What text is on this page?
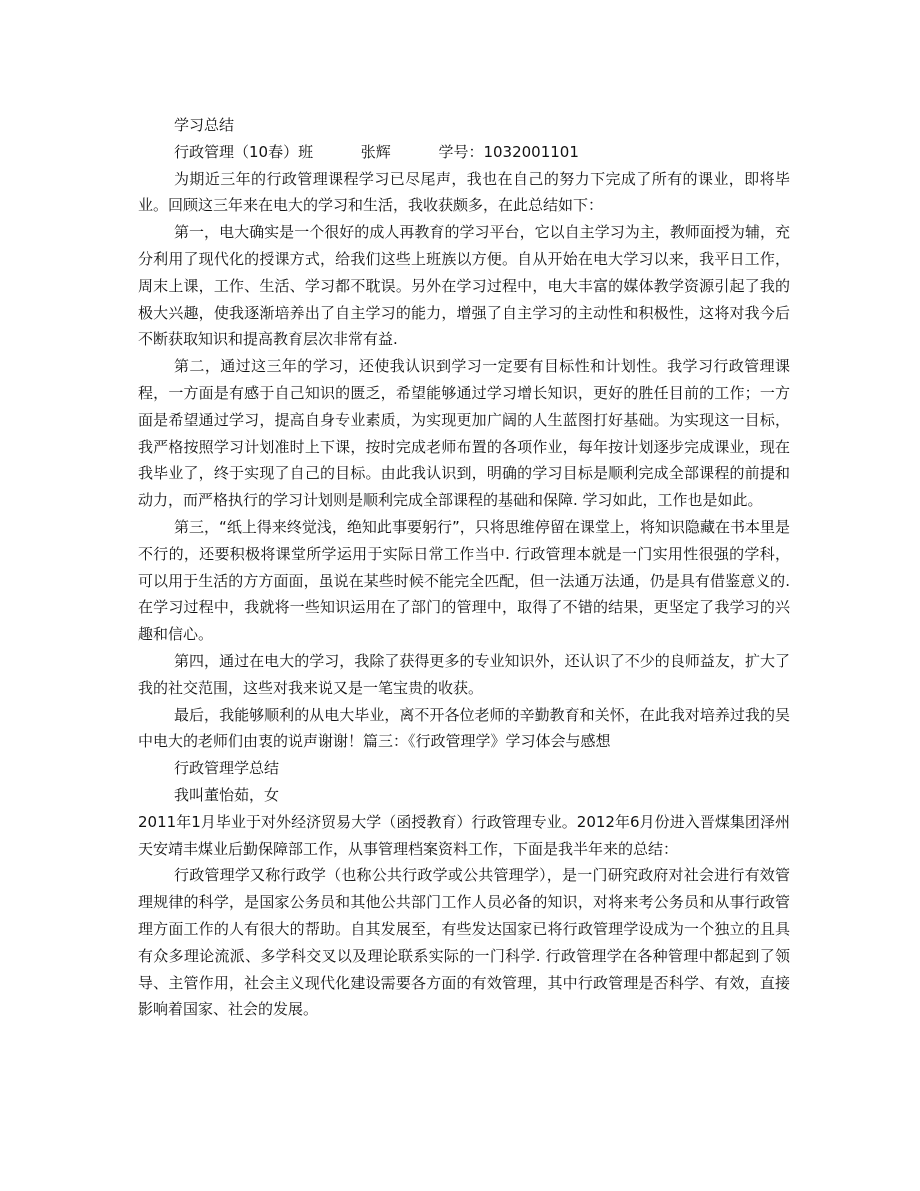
学习总结

行政管理（10春）班          张辉          学号：1032001101

为期近三年的行政管理课程学习已尽尾声，我也在自己的努力下完成了所有的课业，即将毕业。回顾这三年来在电大的学习和生活，我收获颇多，在此总结如下：

第一，电大确实是一个很好的成人再教育的学习平台，它以自主学习为主，教师面授为辅，充分利用了现代化的授课方式，给我们这些上班族以方便。自从开始在电大学习以来，我平日工作，周末上课，工作、生活、学习都不耽误。另外在学习过程中，电大丰富的媒体教学资源引起了我的极大兴趣，使我逐渐培养出了自主学习的能力，增强了自主学习的主动性和积极性，这将对我今后不断获取知识和提高教育层次非常有益.

第二，通过这三年的学习，还使我认识到学习一定要有目标性和计划性。我学习行政管理课程，一方面是有感于自己知识的匮乏，希望能够通过学习增长知识，更好的胜任目前的工作；一方面是希望通过学习，提高自身专业素质，为实现更加广阔的人生蓝图打好基础。为实现这一目标，我严格按照学习计划准时上下课，按时完成老师布置的各项作业，每年按计划逐步完成课业，现在我毕业了，终于实现了自己的目标。由此我认识到，明确的学习目标是顺利完成全部课程的前提和动力，而严格执行的学习计划则是顺利完成全部课程的基础和保障. 学习如此，工作也是如此。

第三，“纸上得来终觉浅，绝知此事要躬行”，只将思维停留在课堂上，将知识隐藏在书本里是不行的，还要积极将课堂所学运用于实际日常工作当中. 行政管理本就是一门实用性很强的学科，可以用于生活的方方面面，虽说在某些时候不能完全匹配，但一法通万法通，仍是具有借鉴意义的. 在学习过程中，我就将一些知识运用在了部门的管理中，取得了不错的结果，更坚定了我学习的兴趣和信心。

第四，通过在电大的学习，我除了获得更多的专业知识外，还认识了不少的良师益友，扩大了我的社交范围，这些对我来说又是一笔宝贵的收获。

最后，我能够顺利的从电大毕业，离不开各位老师的辛勤教育和关怀，在此我对培养过我的吴中电大的老师们由衷的说声谢谢！篇三：《行政管理学》学习体会与感想

行政管理学总结

我叫董怡茹，女

2011年1月毕业于对外经济贸易大学（函授教育）行政管理专业。2012年6月份进入晋煤集团泽州天安靖丰煤业后勤保障部工作，从事管理档案资料工作，下面是我半年来的总结：

行政管理学又称行政学（也称公共行政学或公共管理学），是一门研究政府对社会进行有效管理规律的科学，是国家公务员和其他公共部门工作人员必备的知识，对将来考公务员和从事行政管理方面工作的人有很大的帮助。自其发展至，有些发达国家已将行政管理学设成为一个独立的且具有众多理论流派、多学科交叉以及理论联系实际的一门科学. 行政管理学在各种管理中都起到了领导、主管作用，社会主义现代化建设需要各方面的有效管理，其中行政管理是否科学、有效，直接影响着国家、社会的发展。
